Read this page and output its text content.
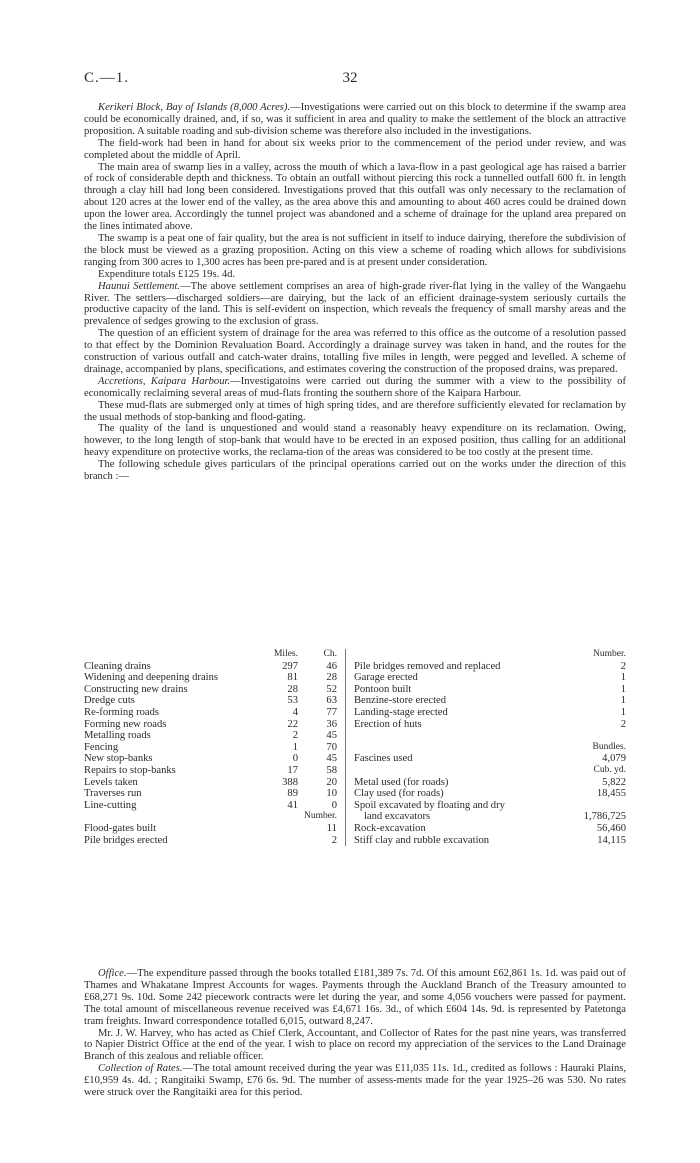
C.—1.	32

Kerikeri Block, Bay of Islands (8,000 Acres).—Investigations were carried out on this block to determine if the swamp area could be economically drained, and, if so, was it sufficient in area and quality to make the settlement of the block an attractive proposition. A suitable roading and sub-division scheme was therefore also included in the investigations.

The field-work had been in hand for about six weeks prior to the commencement of the period under review, and was completed about the middle of April.

The main area of swamp lies in a valley, across the mouth of which a lava-flow in a past geological age has raised a barrier of rock of considerable depth and thickness. To obtain an outfall without piercing this rock a tunnelled outfall 600 ft. in length through a clay hill had long been considered. Investigations proved that this outfall was only necessary to the reclamation of about 120 acres at the lower end of the valley, as the area above this and amounting to about 460 acres could be drained down upon the lower area. Accordingly the tunnel project was abandoned and a scheme of drainage for the upland area prepared on the lines intimated above.

The swamp is a peat one of fair quality, but the area is not sufficient in itself to induce dairying, therefore the subdivision of the block must be viewed as a grazing proposition. Acting on this view a scheme of roading which allows for subdivisions ranging from 300 acres to 1,300 acres has been pre-pared and is at present under consideration.

Expenditure totals £125 19s. 4d.

Haunui Settlement.—The above settlement comprises an area of high-grade river-flat lying in the valley of the Wangaehu River. The settlers—discharged soldiers—are dairying, but the lack of an efficient drainage-system seriously curtails the productive capacity of the land. This is self-evident on inspection, which reveals the frequency of small marshy areas and the prevalence of sedges growing to the exclusion of grass.

The question of an efficient system of drainage for the area was referred to this office as the outcome of a resolution passed to that effect by the Dominion Revaluation Board. Accordingly a drainage survey was taken in hand, and the routes for the construction of various outfall and catch-water drains, totalling five miles in length, were pegged and levelled. A scheme of drainage, accompanied by plans, specifications, and estimates covering the construction of the proposed drains, was prepared.

Accretions, Kaipara Harbour.—Investigatoins were carried out during the summer with a view to the possibility of economically reclaiming several areas of mud-flats fronting the southern shore of the Kaipara Harbour.

These mud-flats are submerged only at times of high spring tides, and are therefore sufficiently elevated for reclamation by the usual methods of stop-banking and flood-gating.

The quality of the land is unquestioned and would stand a reasonably heavy expenditure on its reclamation. Owing, however, to the long length of stop-bank that would have to be erected in an exposed position, thus calling for an additional heavy expenditure on protective works, the reclama-tion of the areas was considered to be too costly at the present time.

The following schedule gives particulars of the principal operations carried out on the works under the direction of this branch :—

	Miles.	Ch.		Number.
Cleaning drains	297	46	Pile bridges removed and replaced	2
Widening and deepening drains	81	28	Garage erected	1
Constructing new drains	28	52	Pontoon built	1
Dredge cuts	53	63	Benzine-store erected	1
Re-forming roads	4	77	Landing-stage erected	1
Forming new roads	22	36	Erection of huts	2
Metalling roads	2	45		
Fencing	1	70		Bundles.
New stop-banks	0	45	Fascines used	4,079
Repairs to stop-banks	17	58		Cub. yd.
Levels taken	388	20	Metal used (for roads)	5,822
Traverses run	89	10	Clay used (for roads)	18,455
Line-cutting	41	0	Spoil excavated by floating and dry	
		Number.	land excavators	1,786,725
Flood-gates built		11	Rock-excavation	56,460
Pile bridges erected		2	Stiff clay and rubble excavation	14,115

Office.—The expenditure passed through the books totalled £181,389 7s. 7d. Of this amount £62,861 1s. 1d. was paid out of Thames and Whakatane Imprest Accounts for wages. Payments through the Auckland Branch of the Treasury amounted to £68,271 9s. 10d. Some 242 piecework contracts were let during the year, and some 4,056 vouchers were passed for payment. The total amount of miscellaneous revenue received was £4,671 16s. 3d., of which £604 14s. 9d. is represented by Patetonga tram freights. Inward correspondence totalled 6,015, outward 8,247.

Mr. J. W. Harvey, who has acted as Chief Clerk, Accountant, and Collector of Rates for the past nine years, was transferred to Napier District Office at the end of the year. I wish to place on record my appreciation of the services to the Land Drainage Branch of this zealous and reliable officer.

Collection of Rates.—The total amount received during the year was £11,035 11s. 1d., credited as follows : Hauraki Plains, £10,959 4s. 4d. ; Rangitaiki Swamp, £76 6s. 9d. The number of assess-ments made for the year 1925–26 was 530. No rates were struck over the Rangitaiki area for this period.
